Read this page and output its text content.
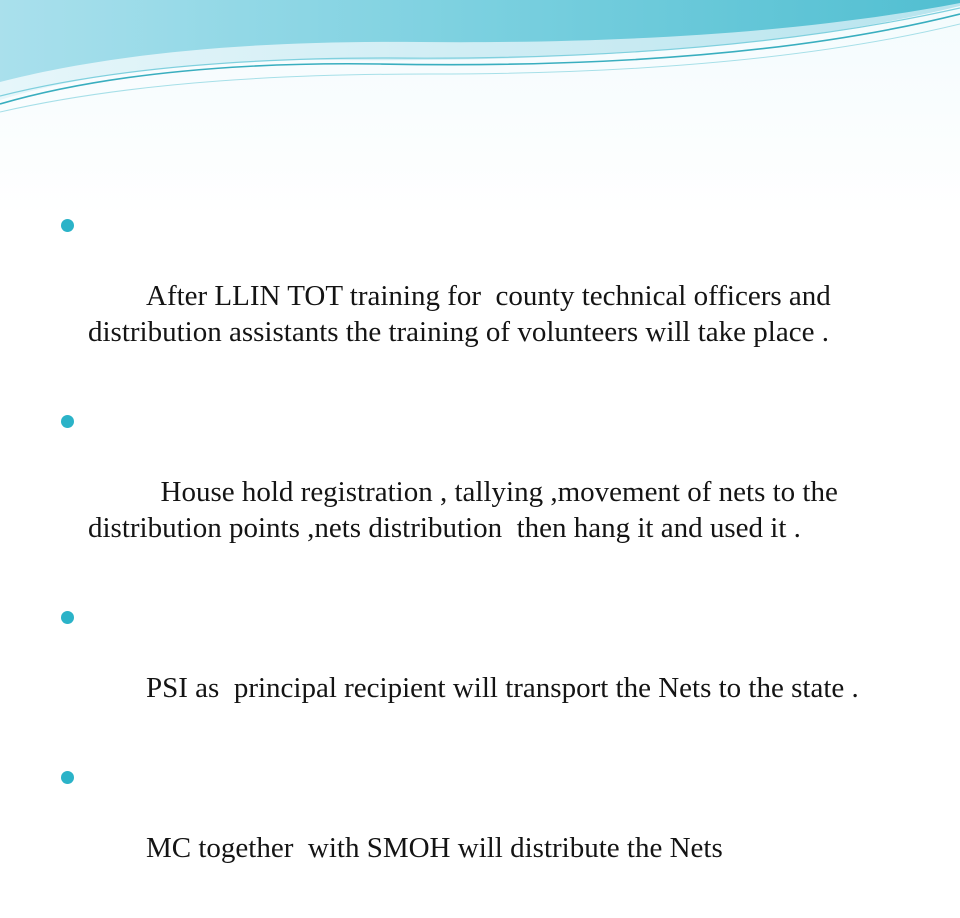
After LLIN TOT training for  county technical officers and distribution assistants the training of volunteers will take place .

House hold registration , tallying ,movement of nets to the distribution points ,nets distribution  then hang it and used it .

PSI as  principal recipient will transport the Nets to the state .

MC together  with SMOH will distribute the Nets
